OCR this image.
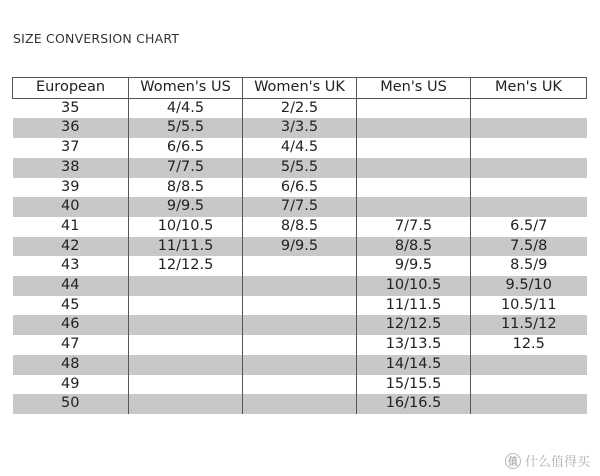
SIZE CONVERSION CHART
European	Women's US	Women's UK	Men's US	Men's UK
35	4/4.5	2/2.5		
36	5/5.5	3/3.5		
37	6/6.5	4/4.5		
38	7/7.5	5/5.5		
39	8/8.5	6/6.5		
40	9/9.5	7/7.5		
41	10/10.5	8/8.5	7/7.5	6.5/7
42	11/11.5	9/9.5	8/8.5	7.5/8
43	12/12.5		9/9.5	8.5/9
44			10/10.5	9.5/10
45			11/11.5	10.5/11
46			12/12.5	11.5/12
47			13/13.5	12.5
48			14/14.5	
49			15/15.5	
50			16/16.5	
值 什么值得买
